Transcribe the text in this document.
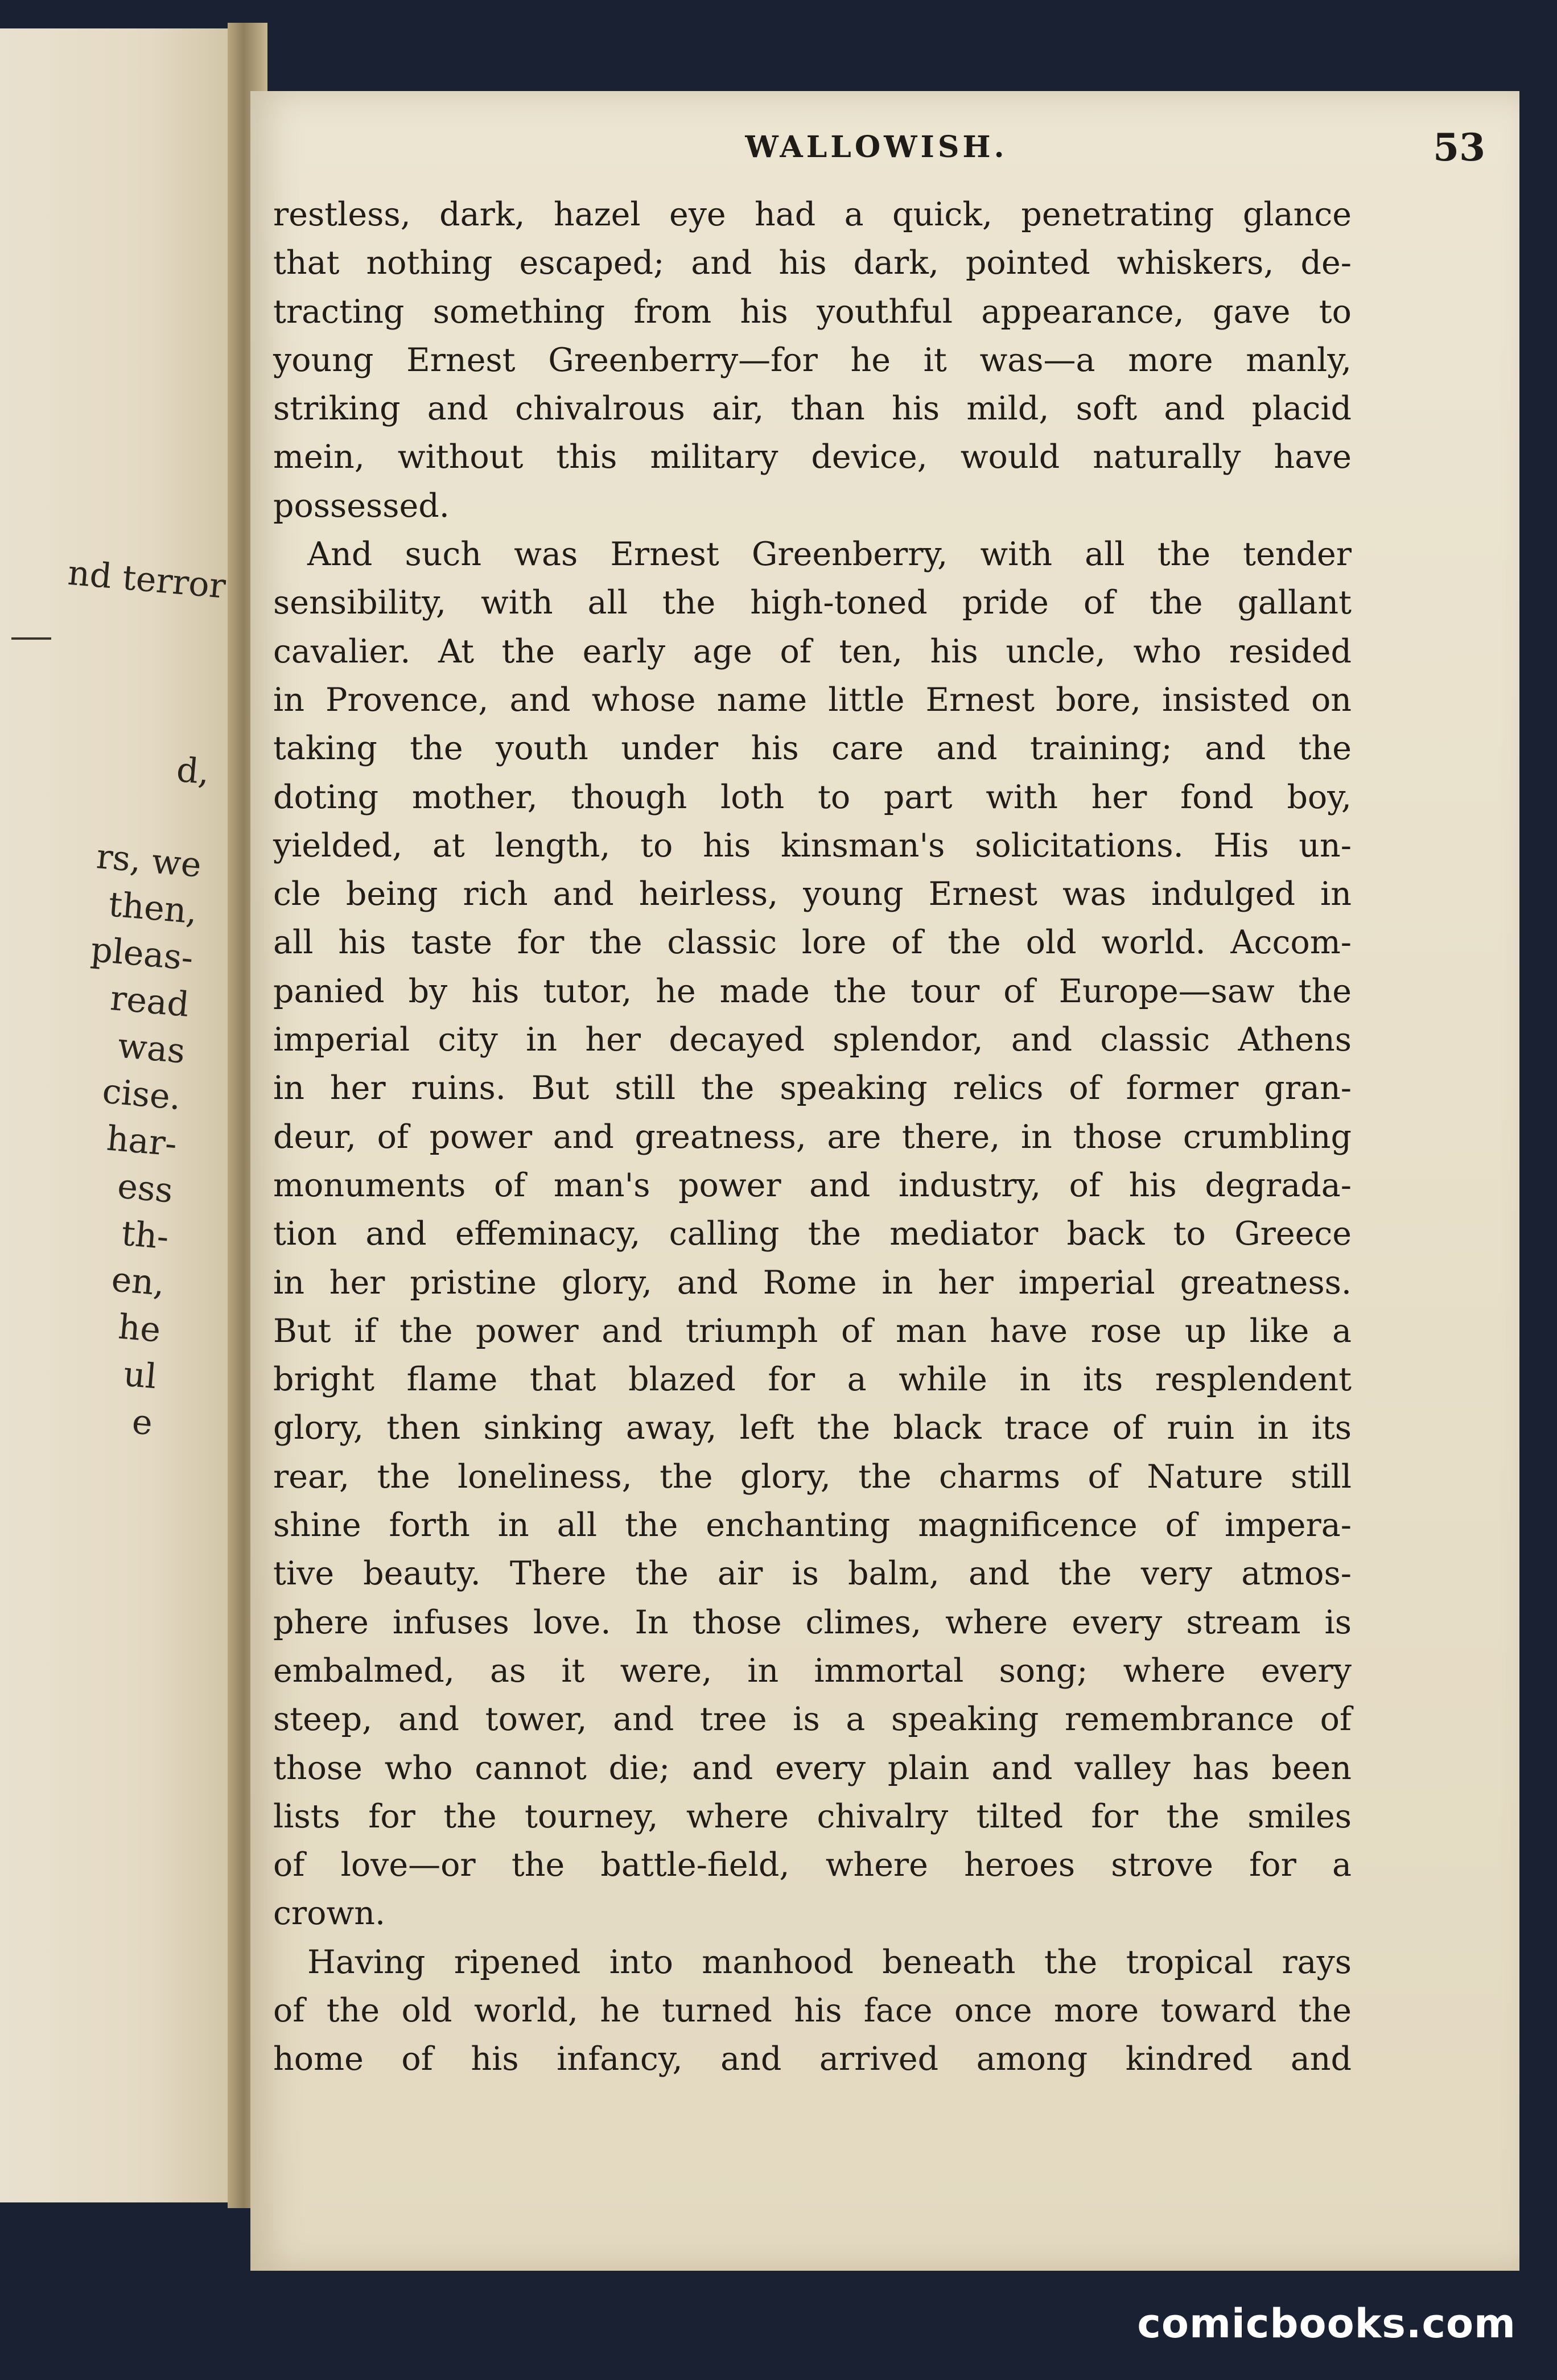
nd terror

d,

rs, we
then,
pleas-
read
was
cise.
har-
ess
th-
en,
he
ul
e
WALLOWISH.	53
restless, dark, hazel eye had a quick, penetrating glance
that nothing escaped; and his dark, pointed whiskers, de-
tracting something from his youthful appearance, gave to
young Ernest Greenberry—for he it was—a more manly,
striking and chivalrous air, than his mild, soft and placid
mein, without this military device, would naturally have
possessed.
And such was Ernest Greenberry, with all the tender
sensibility, with all the high-toned pride of the gallant
cavalier. At the early age of ten, his uncle, who resided
in Provence, and whose name little Ernest bore, insisted on
taking the youth under his care and training; and the
doting mother, though loth to part with her fond boy,
yielded, at length, to his kinsman's solicitations. His un-
cle being rich and heirless, young Ernest was indulged in
all his taste for the classic lore of the old world. Accom-
panied by his tutor, he made the tour of Europe—saw the
imperial city in her decayed splendor, and classic Athens
in her ruins. But still the speaking relics of former gran-
deur, of power and greatness, are there, in those crumbling
monuments of man's power and industry, of his degrada-
tion and effeminacy, calling the mediator back to Greece
in her pristine glory, and Rome in her imperial greatness.
But if the power and triumph of man have rose up like a
bright flame that blazed for a while in its resplendent
glory, then sinking away, left the black trace of ruin in its
rear, the loneliness, the glory, the charms of Nature still
shine forth in all the enchanting magnificence of impera-
tive beauty. There the air is balm, and the very atmos-
phere infuses love. In those climes, where every stream is
embalmed, as it were, in immortal song; where every
steep, and tower, and tree is a speaking remembrance of
those who cannot die; and every plain and valley has been
lists for the tourney, where chivalry tilted for the smiles
of love—or the battle-field, where heroes strove for a
crown.
Having ripened into manhood beneath the tropical rays
of the old world, he turned his face once more toward the
home of his infancy, and arrived among kindred and
comicbooks.com
